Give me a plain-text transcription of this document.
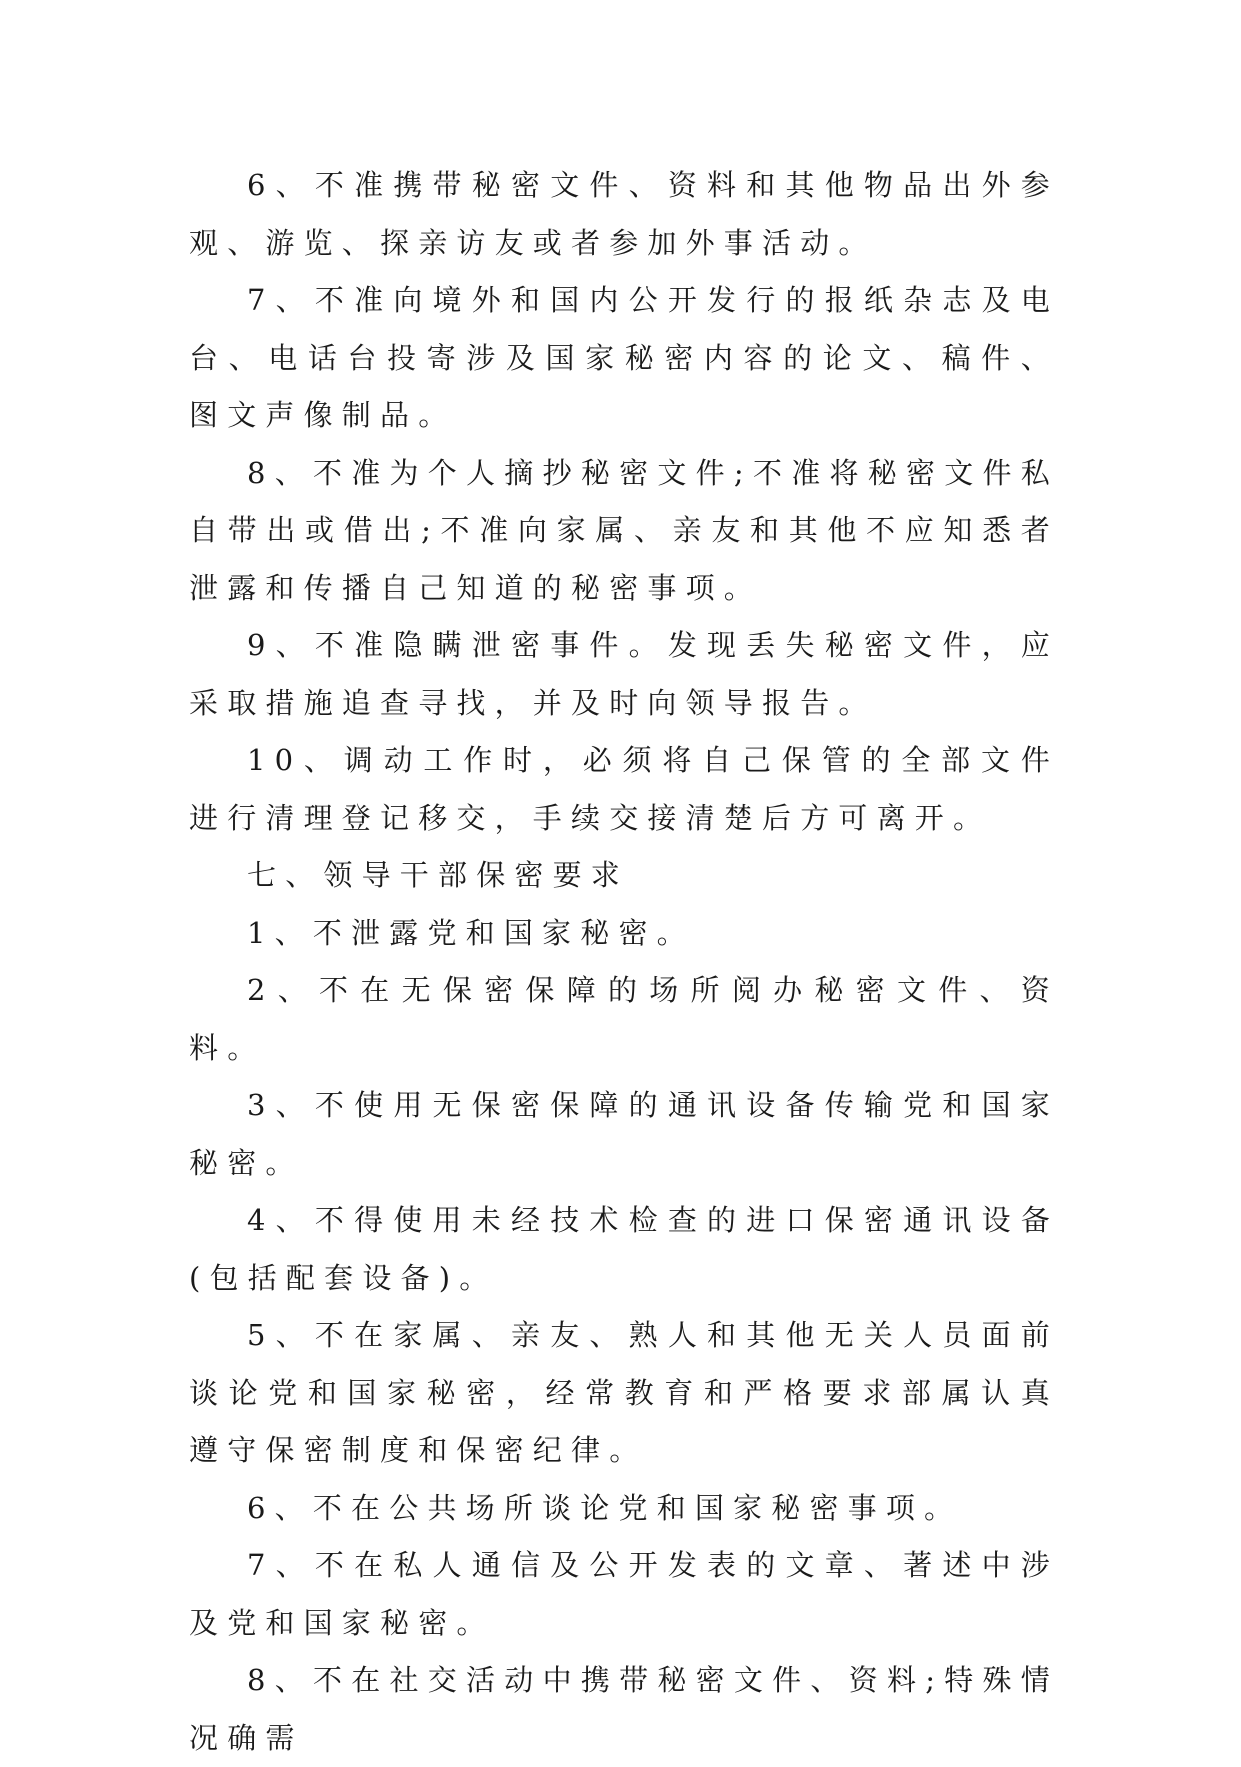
6、不准携带秘密文件、资料和其他物品出外参观、游览、探亲访友或者参加外事活动。

7、不准向境外和国内公开发行的报纸杂志及电台、电话台投寄涉及国家秘密内容的论文、稿件、图文声像制品。

8、不准为个人摘抄秘密文件;不准将秘密文件私自带出或借出;不准向家属、亲友和其他不应知悉者泄露和传播自己知道的秘密事项。

9、不准隐瞒泄密事件。发现丢失秘密文件，应采取措施追查寻找，并及时向领导报告。

10、调动工作时，必须将自己保管的全部文件进行清理登记移交，手续交接清楚后方可离开。

七、领导干部保密要求

1、不泄露党和国家秘密。

2、不在无保密保障的场所阅办秘密文件、资料。

3、不使用无保密保障的通讯设备传输党和国家秘密。

4、不得使用未经技术检查的进口保密通讯设备(包括配套设备)。

5、不在家属、亲友、熟人和其他无关人员面前谈论党和国家秘密，经常教育和严格要求部属认真遵守保密制度和保密纪律。

6、不在公共场所谈论党和国家秘密事项。

7、不在私人通信及公开发表的文章、著述中涉及党和国家秘密。

8、不在社交活动中携带秘密文件、资料;特殊情况确需
